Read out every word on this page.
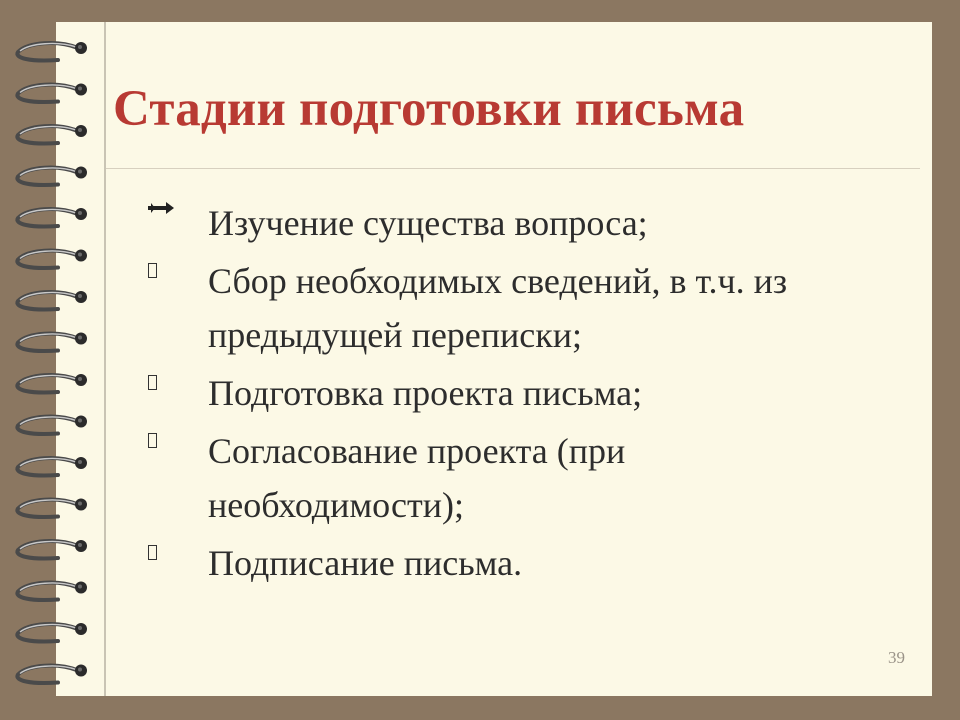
Стадии подготовки письма
Изучение существа вопроса;
Сбор необходимых сведений, в т.ч. из предыдущей переписки;
Подготовка проекта письма;
Согласование проекта (при необходимости);
Подписание письма.
39
